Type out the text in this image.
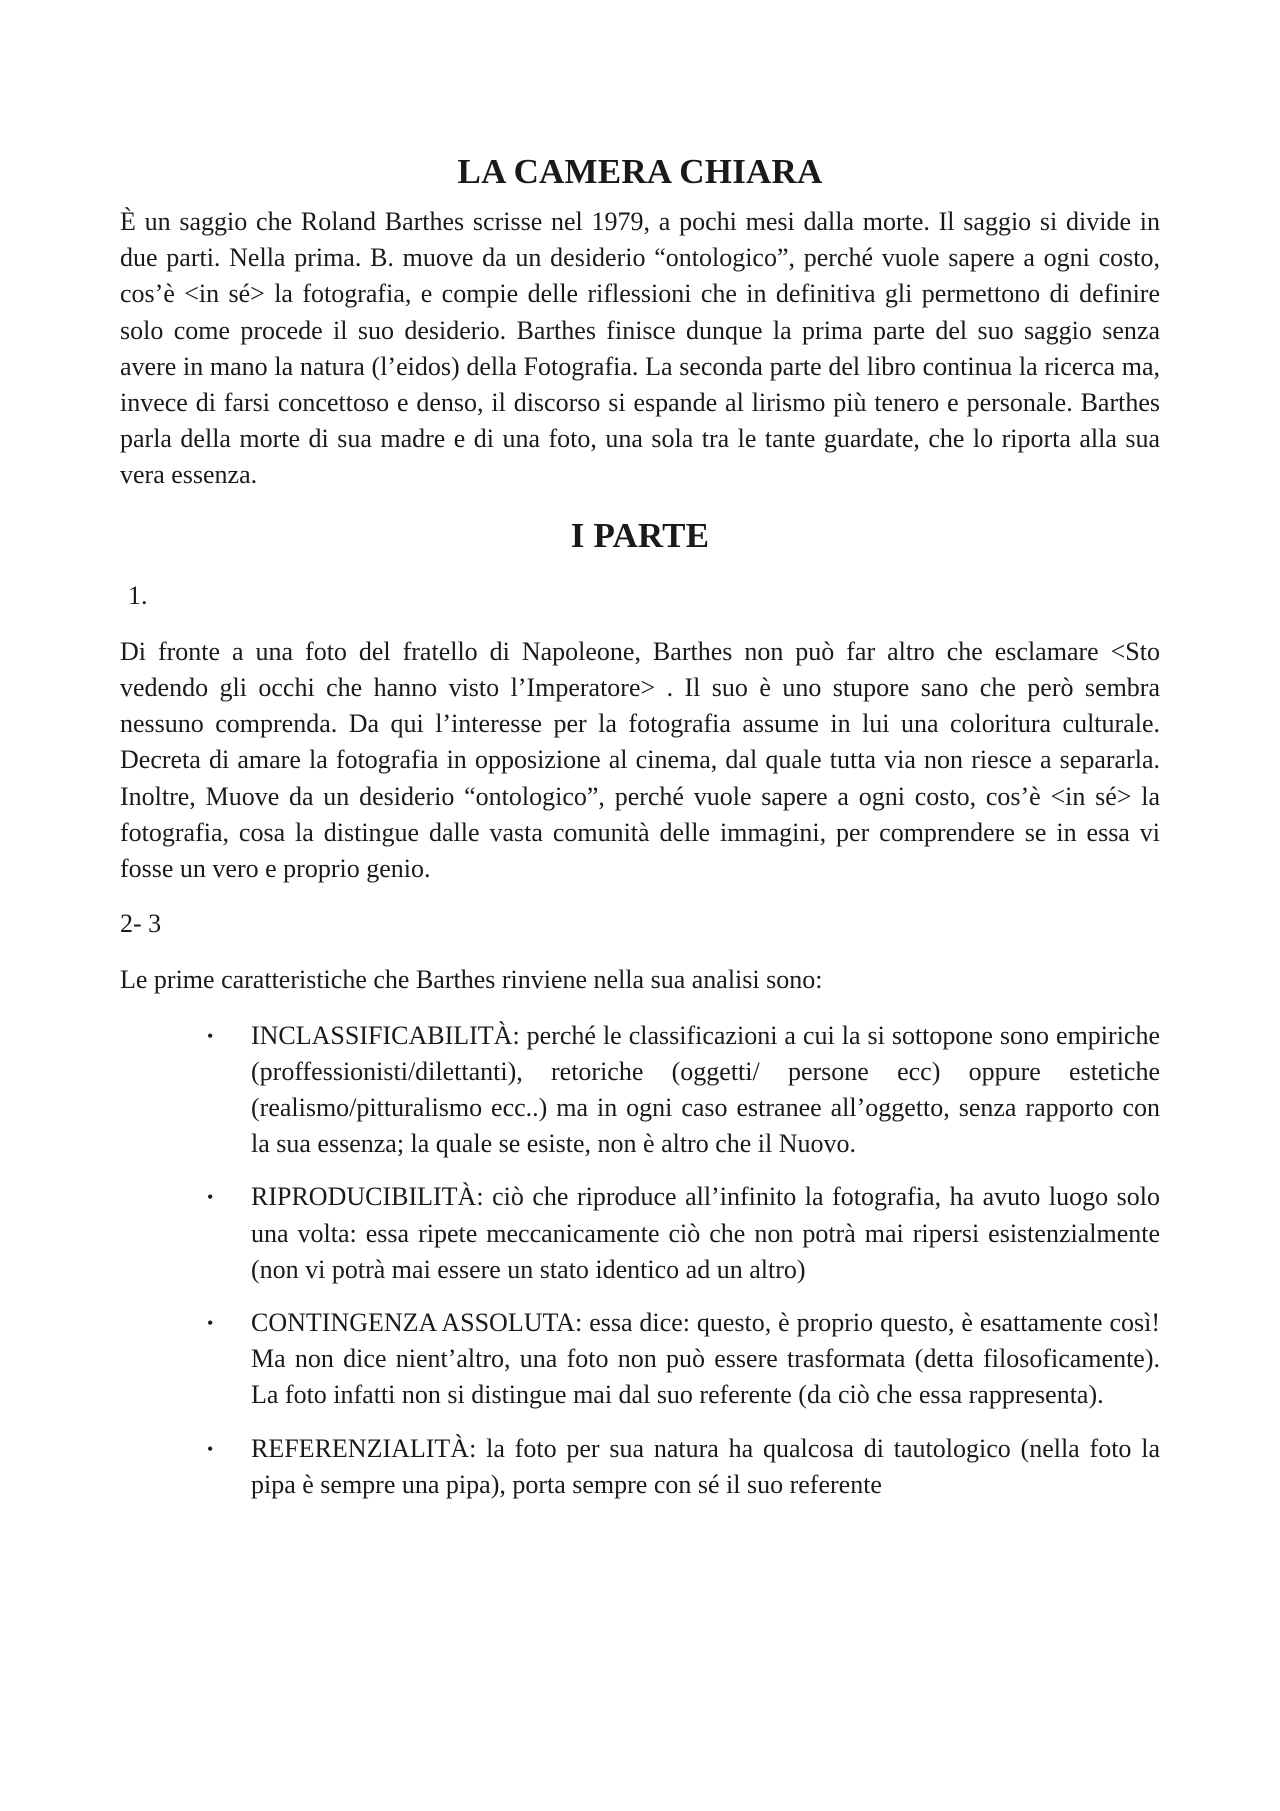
LA CAMERA CHIARA

È un saggio che Roland Barthes scrisse nel 1979, a pochi mesi dalla morte. Il saggio si divide in due parti. Nella prima. B. muove da un desiderio “ontologico”, perché vuole sapere a ogni costo, cos’è <in sé> la fotografia, e compie delle riflessioni che in definitiva gli permettono di definire solo come procede il suo desiderio. Barthes finisce dunque la prima parte del suo saggio senza avere in mano la natura (l’eidos) della Fotografia. La seconda parte del libro continua la ricerca ma, invece di farsi concettoso e denso, il discorso si espande al lirismo più tenero e personale. Barthes parla della morte di sua madre e di una foto, una sola tra le tante guardate, che lo riporta alla sua vera essenza.

I PARTE

1.

Di fronte a una foto del fratello di Napoleone, Barthes non può far altro che esclamare <Sto vedendo gli occhi che hanno visto l’Imperatore> . Il suo è uno stupore sano che però sembra nessuno comprenda. Da qui l’interesse per la fotografia assume in lui una coloritura culturale. Decreta di amare la fotografia in opposizione al cinema, dal quale tutta via non riesce a separarla. Inoltre, Muove da un desiderio “ontologico”, perché vuole sapere a ogni costo, cos’è <in sé> la fotografia, cosa la distingue dalle vasta comunità delle immagini, per comprendere se in essa vi fosse un vero e proprio genio.

2- 3

Le prime caratteristiche che Barthes rinviene nella sua analisi sono:

• INCLASSIFICABILITÀ: perché le classificazioni a cui la si sottopone sono empiriche (proffessionisti/dilettanti), retoriche (oggetti/ persone ecc) oppure estetiche (realismo/pitturalismo ecc..) ma in ogni caso estranee all’oggetto, senza rapporto con la sua essenza; la quale se esiste, non è altro che il Nuovo.
• RIPRODUCIBILITÀ: ciò che riproduce all’infinito la fotografia, ha avuto luogo solo una volta: essa ripete meccanicamente ciò che non potrà mai ripersi esistenzialmente (non vi potrà mai essere un stato identico ad un altro)
• CONTINGENZA ASSOLUTA: essa dice: questo, è proprio questo, è esattamente così! Ma non dice nient’altro, una foto non può essere trasformata (detta filosoficamente). La foto infatti non si distingue mai dal suo referente (da ciò che essa rappresenta).
• REFERENZIALITÀ: la foto per sua natura ha qualcosa di tautologico (nella foto la pipa è sempre una pipa), porta sempre con sé il suo referente
